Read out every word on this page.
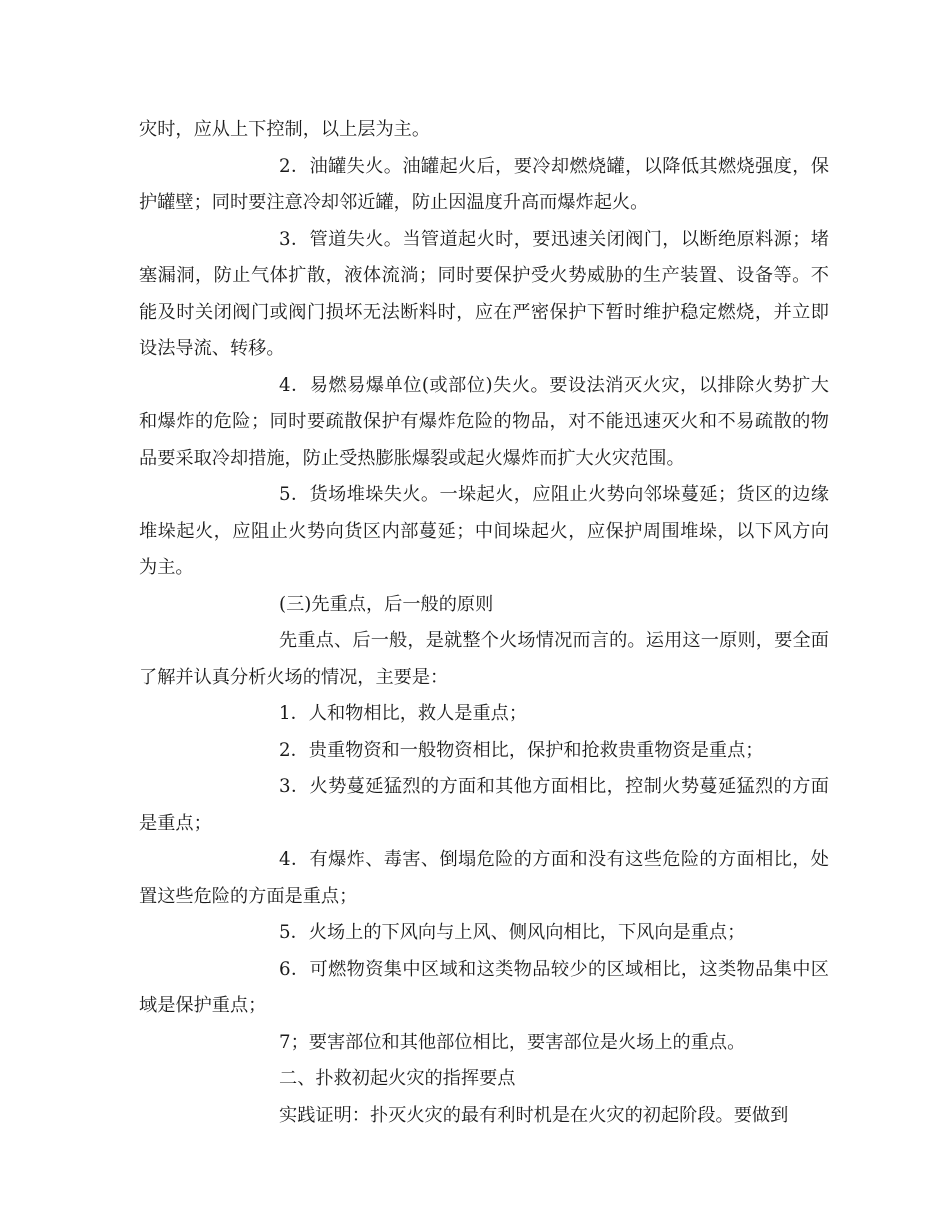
灾时，应从上下控制，以上层为主。

2．油罐失火。油罐起火后，要冷却燃烧罐，以降低其燃烧强度，保护罐壁；同时要注意冷却邻近罐，防止因温度升高而爆炸起火。

3．管道失火。当管道起火时，要迅速关闭阀门，以断绝原料源；堵塞漏洞，防止气体扩散，液体流淌；同时要保护受火势威胁的生产装置、设备等。不能及时关闭阀门或阀门损坏无法断料时，应在严密保护下暂时维护稳定燃烧，并立即设法导流、转移。

4．易燃易爆单位(或部位)失火。要设法消灭火灾，以排除火势扩大和爆炸的危险；同时要疏散保护有爆炸危险的物品，对不能迅速灭火和不易疏散的物品要采取冷却措施，防止受热膨胀爆裂或起火爆炸而扩大火灾范围。

5．货场堆垛失火。一垛起火，应阻止火势向邻垛蔓延；货区的边缘堆垛起火，应阻止火势向货区内部蔓延；中间垛起火，应保护周围堆垛，以下风方向为主。

(三)先重点，后一般的原则

先重点、后一般，是就整个火场情况而言的。运用这一原则，要全面了解并认真分析火场的情况，主要是：

1．人和物相比，救人是重点；

2．贵重物资和一般物资相比，保护和抢救贵重物资是重点；

3．火势蔓延猛烈的方面和其他方面相比，控制火势蔓延猛烈的方面是重点；

4．有爆炸、毒害、倒塌危险的方面和没有这些危险的方面相比，处置这些危险的方面是重点；

5．火场上的下风向与上风、侧风向相比，下风向是重点；

6．可燃物资集中区域和这类物品较少的区域相比，这类物品集中区域是保护重点；

7；要害部位和其他部位相比，要害部位是火场上的重点。

二、扑救初起火灾的指挥要点

实践证明：扑灭火灾的最有利时机是在火灾的初起阶段。要做到
